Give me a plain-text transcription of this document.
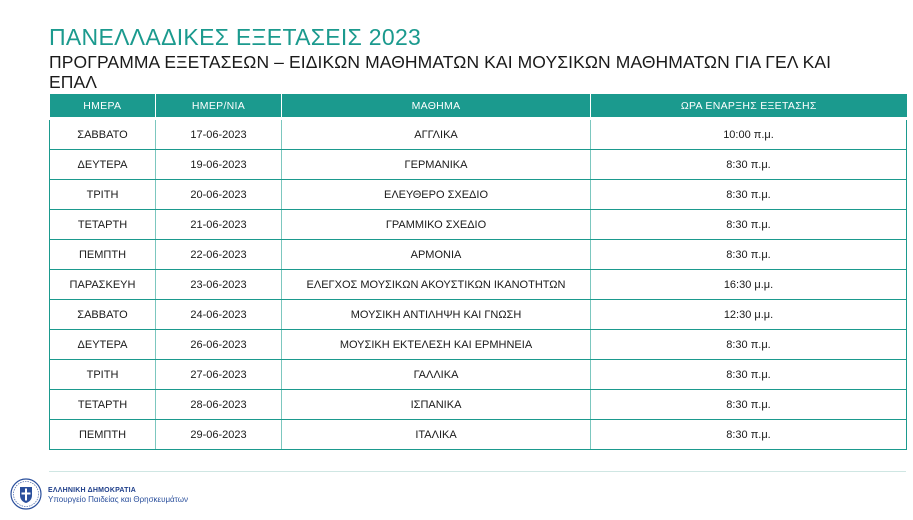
ΠΑΝΕΛΛΑΔΙΚΕΣ ΕΞΕΤΑΣΕΙΣ 2023
ΠΡΟΓΡΑΜΜΑ ΕΞΕΤΑΣΕΩΝ – ΕΙΔΙΚΩΝ ΜΑΘΗΜΑΤΩΝ ΚΑΙ ΜΟΥΣΙΚΩΝ ΜΑΘΗΜΑΤΩΝ ΓΙΑ ΓΕΛ ΚΑΙ ΕΠΑΛ
ΗΜΕΡΑ	ΗΜΕΡ/ΝΙΑ	ΜΑΘΗΜΑ	ΩΡΑ ΕΝΑΡΞΗΣ ΕΞΕΤΑΣΗΣ
ΣΑΒΒΑΤΟ	17-06-2023	ΑΓΓΛΙΚΑ	10:00 π.μ.
ΔΕΥΤΕΡΑ	19-06-2023	ΓΕΡΜΑΝΙΚΑ	8:30 π.μ.
ΤΡΙΤΗ	20-06-2023	ΕΛΕΥΘΕΡΟ ΣΧΕΔΙΟ	8:30 π.μ.
ΤΕΤΑΡΤΗ	21-06-2023	ΓΡΑΜΜΙΚΟ ΣΧΕΔΙΟ	8:30 π.μ.
ΠΕΜΠΤΗ	22-06-2023	ΑΡΜΟΝΙΑ	8:30 π.μ.
ΠΑΡΑΣΚΕΥΗ	23-06-2023	ΕΛΕΓΧΟΣ ΜΟΥΣΙΚΩΝ ΑΚΟΥΣΤΙΚΩΝ ΙΚΑΝΟΤΗΤΩΝ	16:30 μ.μ.
ΣΑΒΒΑΤΟ	24-06-2023	ΜΟΥΣΙΚΗ ΑΝΤΙΛΗΨΗ ΚΑΙ ΓΝΩΣΗ	12:30 μ.μ.
ΔΕΥΤΕΡΑ	26-06-2023	ΜΟΥΣΙΚΗ ΕΚΤΕΛΕΣΗ ΚΑΙ ΕΡΜΗΝΕΙΑ	8:30 π.μ.
ΤΡΙΤΗ	27-06-2023	ΓΑΛΛΙΚΑ	8:30 π.μ.
ΤΕΤΑΡΤΗ	28-06-2023	ΙΣΠΑΝΙΚΑ	8:30 π.μ.
ΠΕΜΠΤΗ	29-06-2023	ΙΤΑΛΙΚΑ	8:30 π.μ.
ΕΛΛΗΝΙΚΗ ΔΗΜΟΚΡΑΤΙΑ
Υπουργείο Παιδείας και Θρησκευμάτων
